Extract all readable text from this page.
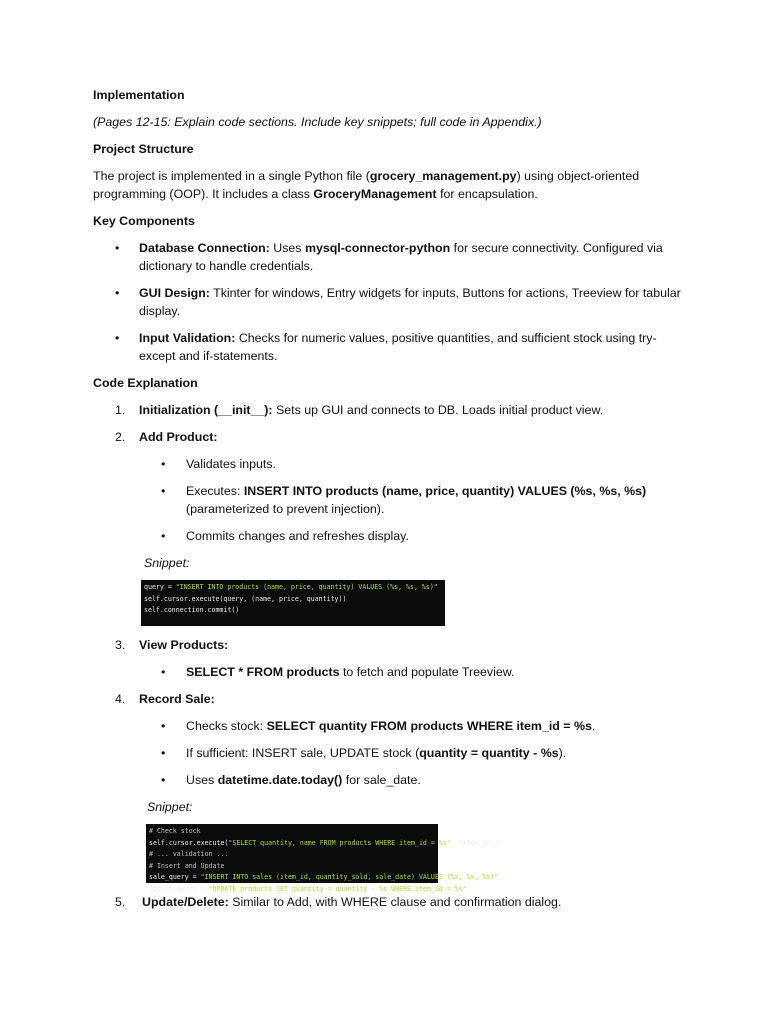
Implementation

(Pages 12-15: Explain code sections. Include key snippets; full code in Appendix.)

Project Structure

The project is implemented in a single Python file (grocery_management.py) using object-oriented programming (OOP). It includes a class GroceryManagement for encapsulation.

Key Components

• Database Connection: Uses mysql-connector-python for secure connectivity. Configured via dictionary to handle credentials.
• GUI Design: Tkinter for windows, Entry widgets for inputs, Buttons for actions, Treeview for tabular display.
• Input Validation: Checks for numeric values, positive quantities, and sufficient stock using try-except and if-statements.

Code Explanation

1. Initialization (__init__): Sets up GUI and connects to DB. Loads initial product view.
2. Add Product:
• Validates inputs.
• Executes: INSERT INTO products (name, price, quantity) VALUES (%s, %s, %s) (parameterized to prevent injection).
• Commits changes and refreshes display.

Snippet:

query = "INSERT INTO products (name, price, quantity) VALUES (%s, %s, %s)"
self.cursor.execute(query, (name, price, quantity))
self.connection.commit()
3. View Products:
• SELECT * FROM products to fetch and populate Treeview.
4. Record Sale:
• Checks stock: SELECT quantity FROM products WHERE item_id = %s.
• If sufficient: INSERT sale, UPDATE stock (quantity = quantity - %s).
• Uses datetime.date.today() for sale_date.

Snippet:

# Check stock
self.cursor.execute("SELECT quantity, name FROM products WHERE item_id = %s", (item_id,))
# ... validation ...
# Insert and Update
sale_query = "INSERT INTO sales (item_id, quantity_sold, sale_date) VALUES (%s, %s, %s)"
update_query = "UPDATE products SET quantity = quantity - %s WHERE item_id = %s"
5. Update/Delete: Similar to Add, with WHERE clause and confirmation dialog.
